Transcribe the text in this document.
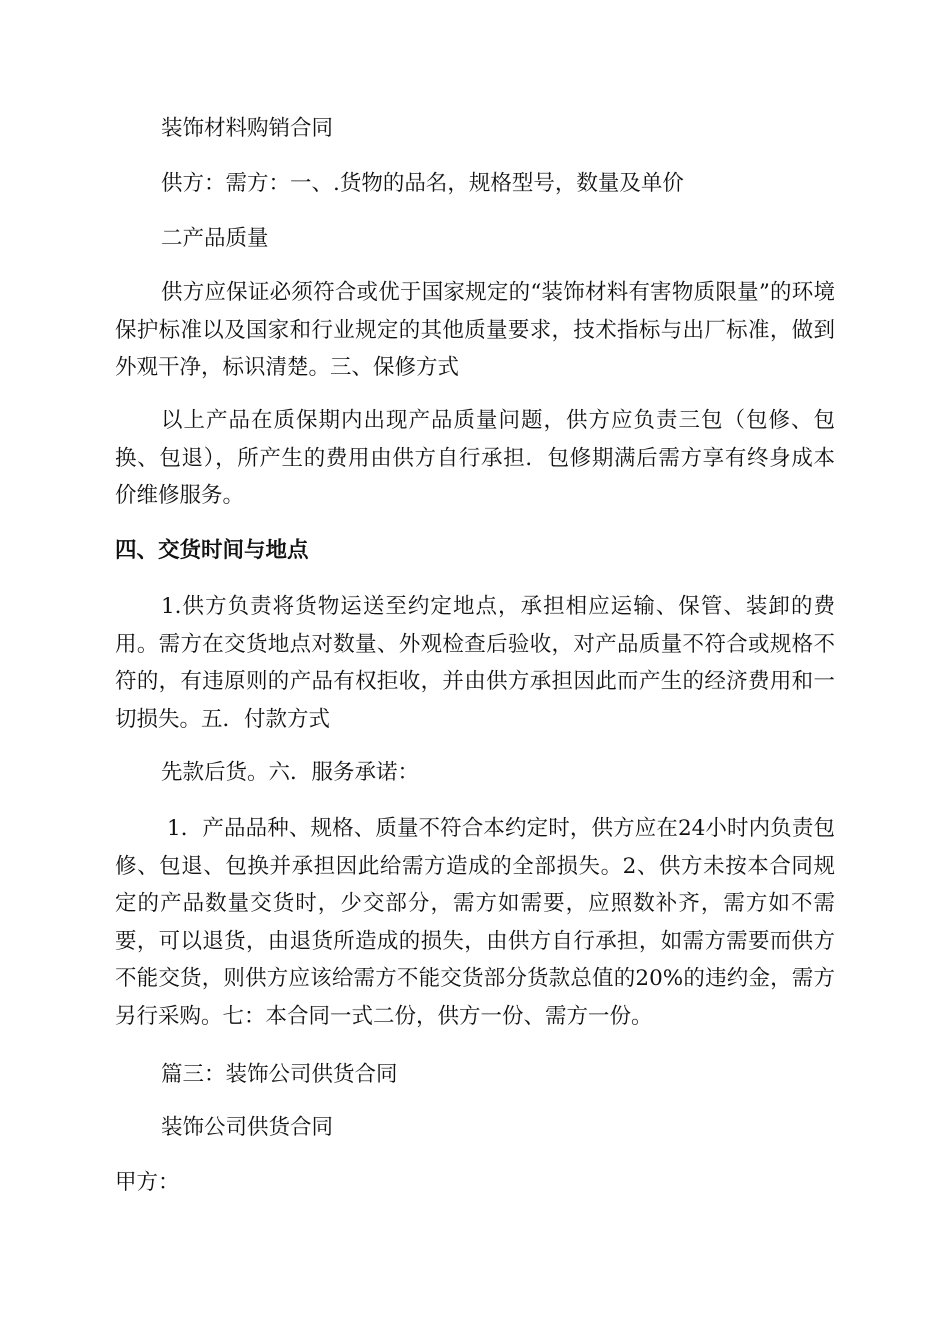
装饰材料购销合同

供方：需方：一、.货物的品名，规格型号，数量及单价

二产品质量

供方应保证必须符合或优于国家规定的“装饰材料有害物质限量”的环境保护标准以及国家和行业规定的其他质量要求，技术指标与出厂标准，做到外观干净，标识清楚。三、保修方式

以上产品在质保期内出现产品质量问题，供方应负责三包（包修、包换、包退），所产生的费用由供方自行承担．包修期满后需方享有终身成本价维修服务。

四、交货时间与地点

1.供方负责将货物运送至约定地点，承担相应运输、保管、装卸的费用。需方在交货地点对数量、外观检查后验收，对产品质量不符合或规格不符的，有违原则的产品有权拒收，并由供方承担因此而产生的经济费用和一切损失。五．付款方式

先款后货。六．服务承诺：

1．产品品种、规格、质量不符合本约定时，供方应在24小时内负责包修、包退、包换并承担因此给需方造成的全部损失。2、供方未按本合同规定的产品数量交货时，少交部分，需方如需要，应照数补齐，需方如不需要，可以退货，由退货所造成的损失，由供方自行承担，如需方需要而供方不能交货，则供方应该给需方不能交货部分货款总值的20%的违约金，需方另行采购。七：本合同一式二份，供方一份、需方一份。

篇三：装饰公司供货合同

装饰公司供货合同

甲方：
